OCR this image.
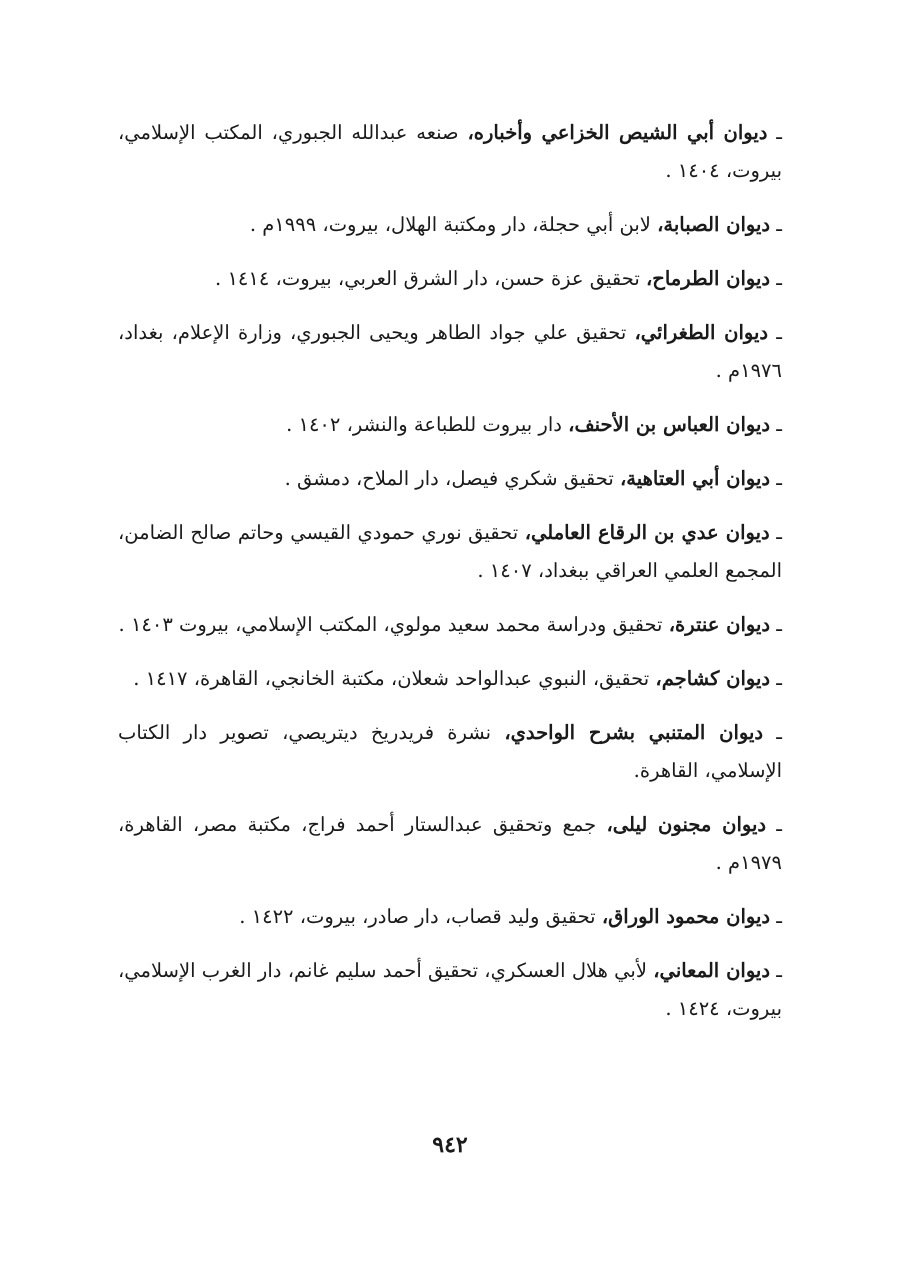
ـ ديوان أبي الشيص الخزاعي وأخباره، صنعه عبدالله الجبوري، المكتب الإسلامي، بيروت، ١٤٠٤ .

ـ ديوان الصبابة، لابن أبي حجلة، دار ومكتبة الهلال، بيروت، ١٩٩٩م .

ـ ديوان الطرماح، تحقيق عزة حسن، دار الشرق العربي، بيروت، ١٤١٤ .

ـ ديوان الطغرائي، تحقيق علي جواد الطاهر ويحيى الجبوري، وزارة الإعلام، بغداد، ١٩٧٦م .

ـ ديوان العباس بن الأحنف، دار بيروت للطباعة والنشر، ١٤٠٢ .

ـ ديوان أبي العتاهية، تحقيق شكري فيصل، دار الملاح، دمشق .

ـ ديوان عدي بن الرقاع العاملي، تحقيق نوري حمودي القيسي وحاتم صالح الضامن، المجمع العلمي العراقي ببغداد، ١٤٠٧ .

ـ ديوان عنترة، تحقيق ودراسة محمد سعيد مولوي، المكتب الإسلامي، بيروت ١٤٠٣ .

ـ ديوان كشاجم، تحقيق، النبوي عبدالواحد شعلان، مكتبة الخانجي، القاهرة، ١٤١٧ .

ـ ديوان المتنبي بشرح الواحدي، نشرة فريدريخ ديتريصي، تصوير دار الكتاب الإسلامي، القاهرة.

ـ ديوان مجنون ليلى، جمع وتحقيق عبدالستار أحمد فراج، مكتبة مصر، القاهرة، ١٩٧٩م .

ـ ديوان محمود الوراق، تحقيق وليد قصاب، دار صادر، بيروت، ١٤٢٢ .

ـ ديوان المعاني، لأبي هلال العسكري، تحقيق أحمد سليم غانم، دار الغرب الإسلامي، بيروت، ١٤٢٤ .

٩٤٢
